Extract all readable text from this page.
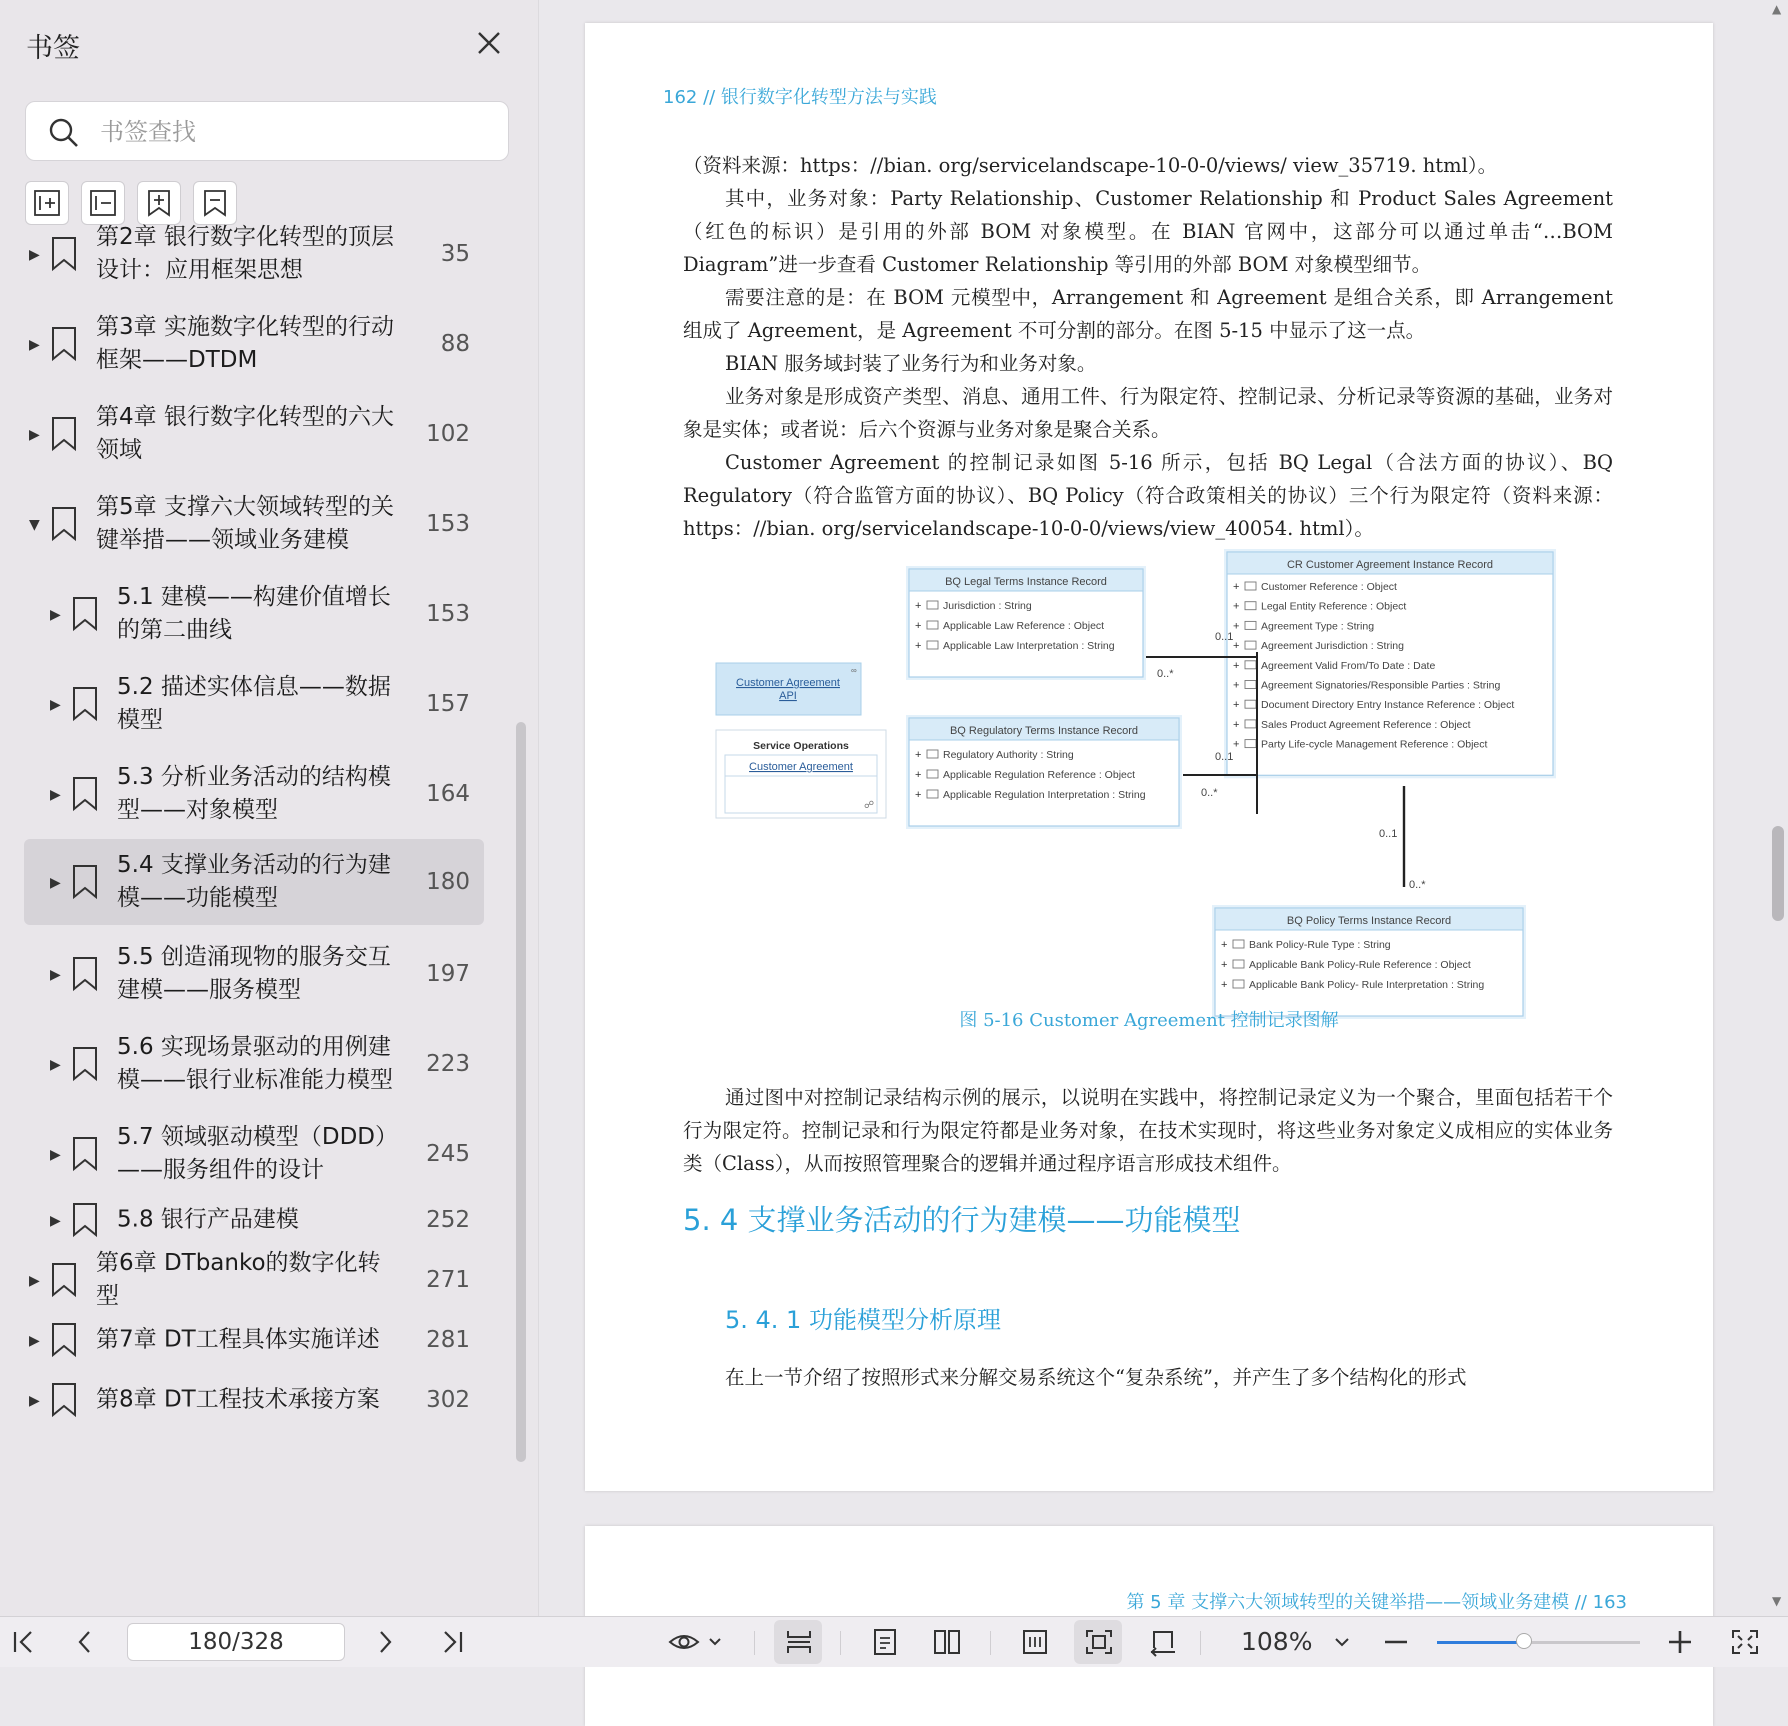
书签
书签查找
▶
第2章 银行数字化转型的顶层
设计：应用框架思想
35
▶
第3章 实施数字化转型的行动
框架——DTDM
88
▶
第4章 银行数字化转型的六大
领域
102
▼
第5章 支撑六大领域转型的关
键举措——领域业务建模
153
▶
5.1 建模——构建价值增长
的第二曲线
153
▶
5.2 描述实体信息——数据
模型
157
▶
5.3 分析业务活动的结构模
型——对象模型
164
▶
5.4 支撑业务活动的行为建
模——功能模型
180
▶
5.5 创造涌现物的服务交互
建模——服务模型
197
▶
5.6 实现场景驱动的用例建
模——银行业标准能力模型
223
▶
5.7 领域驱动模型（DDD）
——服务组件的设计
245
▶ 5.8 银行产品建模	252
▶
第6章 DTbanko的数字化转型
271
▶ 第7章 DT工程具体实施详述	281
▶ 第8章 DT工程技术承接方案	302
162 // 银行数字化转型方法与实践
（资料来源：https：//bian. org/servicelandscape-10-0-0/views/ view_35719. html）。
其中，业务对象：Party Relationship、Customer Relationship 和 Product Sales Agreement（红色的标识）是引用的外部 BOM 对象模型。在 BIAN 官网中，这部分可以通过单击“…BOM Diagram”进一步查看 Customer Relationship 等引用的外部 BOM 对象模型细节。
需要注意的是：在 BOM 元模型中，Arrangement 和 Agreement 是组合关系，即 Arrangement 组成了 Agreement，是 Agreement 不可分割的部分。在图 5-15 中显示了这一点。
BIAN 服务域封装了业务行为和业务对象。
业务对象是形成资产类型、消息、通用工件、行为限定符、控制记录、分析记录等资源的基础，业务对象是实体；或者说：后六个资源与业务对象是聚合关系。
Customer Agreement 的控制记录如图 5-16 所示，包括 BQ Legal（合法方面的协议）、BQ Regulatory（符合监管方面的协议）、BQ Policy（符合政策相关的协议）三个行为限定符（资料来源：https：//bian. org/servicelandscape-10-0-0/views/view_40054. html）。
∞
Customer Agreement
API
Service Operations
Customer Agreement
☍
BQ Legal Terms Instance Record
+ Jurisdiction : String
+ Applicable Law Reference : Object
+ Applicable Law Interpretation : String
BQ Regulatory Terms Instance Record
+ Regulatory Authority : String
+ Applicable Regulation Reference : Object
+ Applicable Regulation Interpretation : String
CR Customer Agreement Instance Record
+ Customer Reference : Object
+ Legal Entity Reference : Object
+ Agreement Type : String
+ Agreement Jurisdiction : String
+ Agreement Valid From/To Date : Date
+ Agreement Signatories/Responsible Parties : String
+ Document Directory Entry Instance Reference : Object
+ Sales Product Agreement Reference : Object
+ Party Life-cycle Management Reference : Object
BQ Policy Terms Instance Record
+ Bank Policy-Rule Type : String
+ Applicable Bank Policy-Rule Reference : Object
+ Applicable Bank Policy- Rule Interpretation : String
0..1
0..*
0..1
0..*
0..1
0..*
图 5-16 Customer Agreement 控制记录图解
通过图中对控制记录结构示例的展示，以说明在实践中，将控制记录定义为一个聚合，里面包括若干个行为限定符。控制记录和行为限定符都是业务对象，在技术实现时，将这些业务对象定义成相应的实体业务类（Class），从而按照管理聚合的逻辑并通过程序语言形成技术组件。
5. 4 支撑业务活动的行为建模——功能模型
5. 4. 1 功能模型分析原理
在上一节介绍了按照形式来分解交易系统这个“复杂系统”，并产生了多个结构化的形式
第 5 章 支撑六大领域转型的关键举措——领域业务建模 // 163
▲
▼
180/328	108%
